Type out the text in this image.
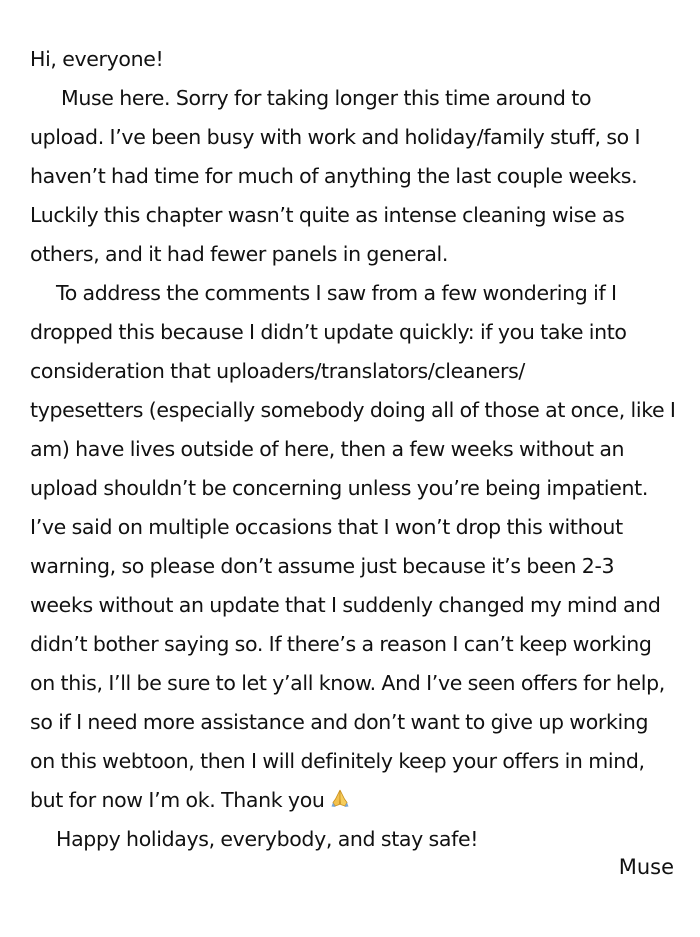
Hi, everyone!
Muse here. Sorry for taking longer this time around to
upload. I’ve been busy with work and holiday/family stuff, so I
haven’t had time for much of anything the last couple weeks.
Luckily this chapter wasn’t quite as intense cleaning wise as
others, and it had fewer panels in general.
To address the comments I saw from a few wondering if I
dropped this because I didn’t update quickly: if you take into
consideration that uploaders/translators/cleaners/
typesetters (especially somebody doing all of those at once, like I
am) have lives outside of here, then a few weeks without an
upload shouldn’t be concerning unless you’re being impatient.
I’ve said on multiple occasions that I won’t drop this without
warning, so please don’t assume just because it’s been 2-3
weeks without an update that I suddenly changed my mind and
didn’t bother saying so. If there’s a reason I can’t keep working
on this, I’ll be sure to let y’all know. And I’ve seen offers for help,
so if I need more assistance and don’t want to give up working
on this webtoon, then I will definitely keep your offers in mind,
but for now I’m ok. Thank you
Happy holidays, everybody, and stay safe!
Muse
